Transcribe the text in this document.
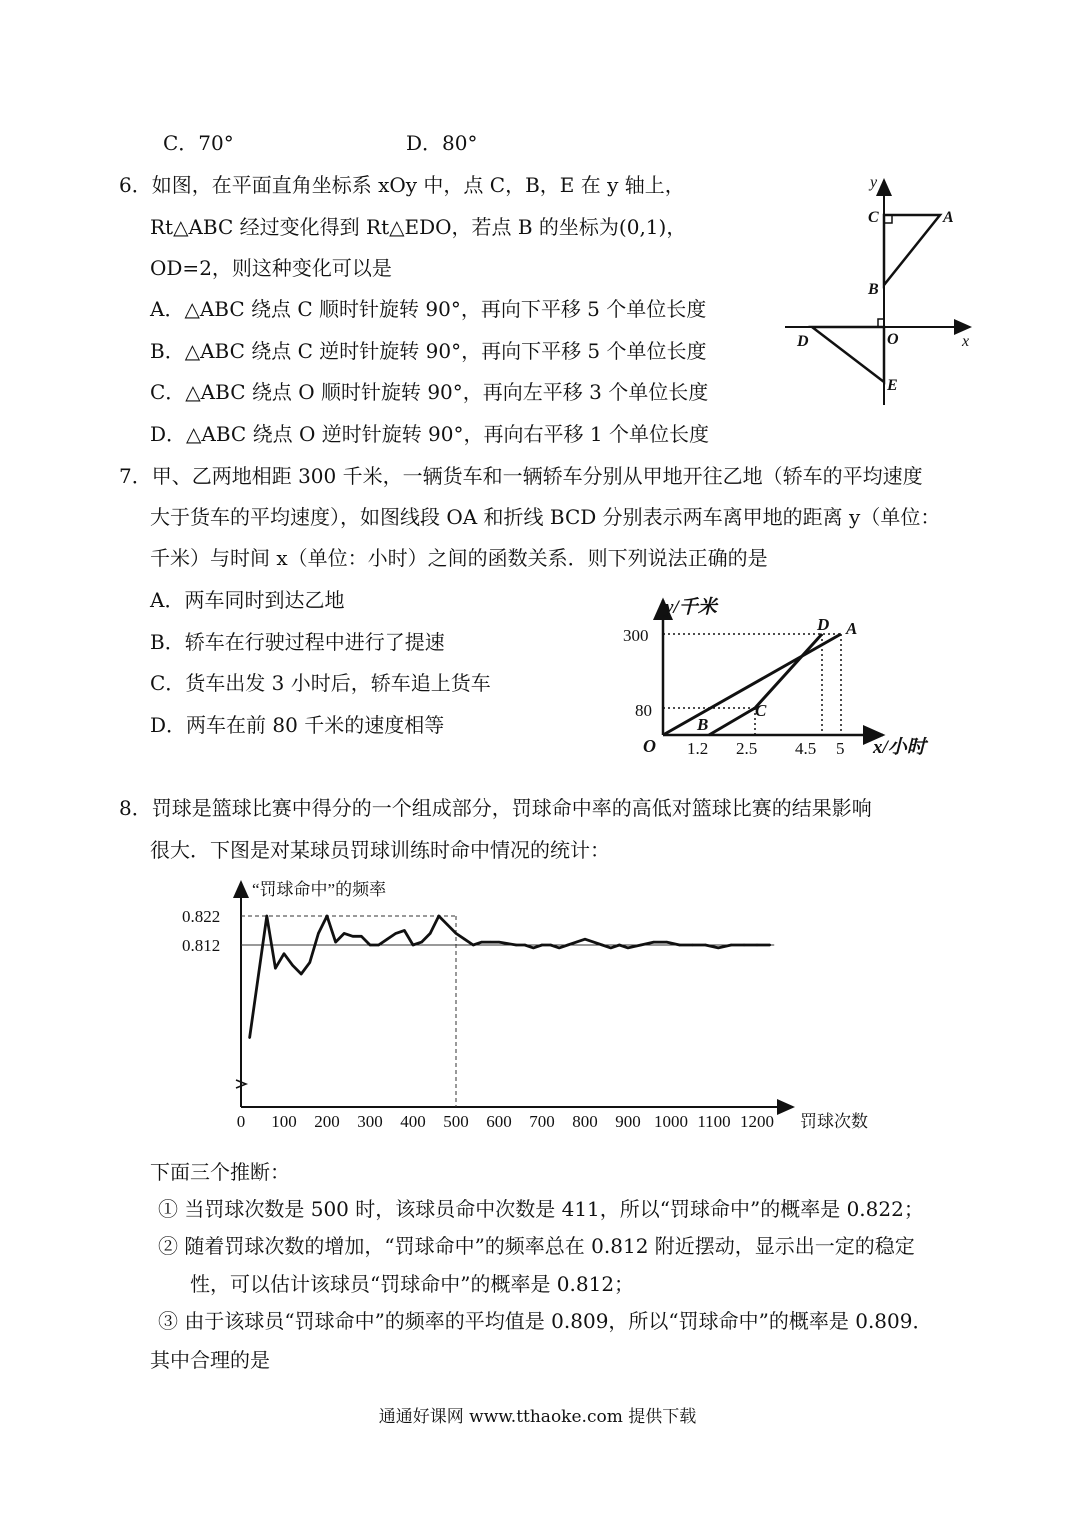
C．70°	D．80°
6．如图，在平面直角坐标系 xOy 中，点 C，B，E 在 y 轴上，
Rt△ABC 经过变化得到 Rt△EDO，若点 B 的坐标为(0,1)，
OD=2，则这种变化可以是
A．△ABC 绕点 C 顺时针旋转 90°，再向下平移 5 个单位长度
B．△ABC 绕点 C 逆时针旋转 90°，再向下平移 5 个单位长度
C．△ABC 绕点 O 顺时针旋转 90°，再向左平移 3 个单位长度
D．△ABC 绕点 O 逆时针旋转 90°，再向右平移 1 个单位长度
y
x
C	A
B
O
D
E
7．甲、乙两地相距 300 千米，一辆货车和一辆轿车分别从甲地开往乙地（轿车的平均速度
大于货车的平均速度），如图线段 OA 和折线 BCD 分别表示两车离甲地的距离 y（单位：
千米）与时间 x（单位：小时）之间的函数关系．则下列说法正确的是
A．两车同时到达乙地
B．轿车在行驶过程中进行了提速
C．货车出发 3 小时后，轿车追上货车
D．两车在前 80 千米的速度相等
y/千米
x/小时
300
80
1.2 2.5 4.5 5
O
B
C
D A
8．罚球是篮球比赛中得分的一个组成部分，罚球命中率的高低对篮球比赛的结果影响
很大．下图是对某球员罚球训练时命中情况的统计：
“罚球命中”的频率
罚球次数
0.822
0.812
0 100 200 300 400 500 600 700 800 900 1000 1100 1200
下面三个推断：
① 当罚球次数是 500 时，该球员命中次数是 411，所以“罚球命中”的概率是 0.822；
② 随着罚球次数的增加，“罚球命中”的频率总在 0.812 附近摆动，显示出一定的稳定
性，可以估计该球员“罚球命中”的概率是 0.812；
③ 由于该球员“罚球命中”的频率的平均值是 0.809，所以“罚球命中”的概率是 0.809．
其中合理的是
通通好课网 www.tthaoke.com 提供下载
